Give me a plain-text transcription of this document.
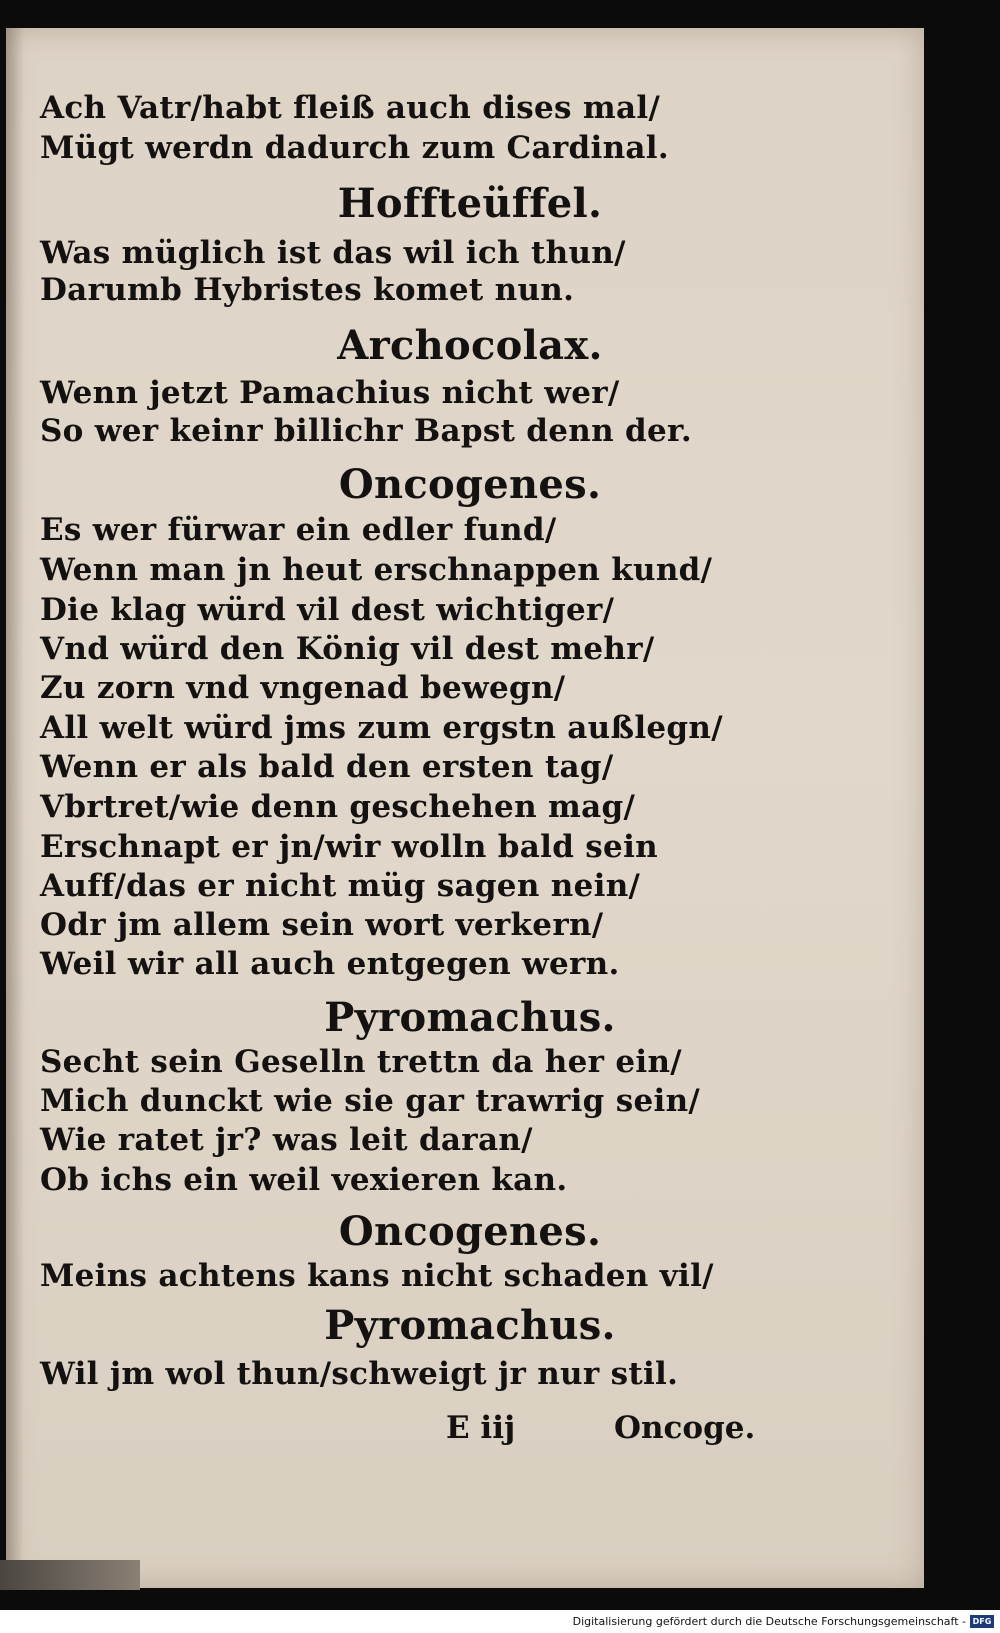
E iij	Oncoge.
Ach Vatr/habt fleiß auch dises mal/
Mügt werdn dadurch zum Cardinal.
Hoffteüffel.
Was müglich ist das wil ich thun/
Darumb Hybristes komet nun.
Archocolax.
Wenn jetzt Pamachius nicht wer/
So wer keinr billichr Bapst denn der.
Oncogenes.
Es wer fürwar ein edler fund/
Wenn man jn heut erschnappen kund/
Die klag würd vil dest wichtiger/
Vnd würd den König vil dest mehr/
Zu zorn vnd vngenad bewegn/
All welt würd jms zum ergstn außlegn/
Wenn er als bald den ersten tag/
Vbrtret/wie denn geschehen mag/
Erschnapt er jn/wir wolln bald sein
Auff/das er nicht müg sagen nein/
Odr jm allem sein wort verkern/
Weil wir all auch entgegen wern.
Pyromachus.
Secht sein Geselln trettn da her ein/
Mich dunckt wie sie gar trawrig sein/
Wie ratet jr? was leit daran/
Ob ichs ein weil vexieren kan.
Oncogenes.
Meins achtens kans nicht schaden vil/
Pyromachus.
Wil jm wol thun/schweigt jr nur stil.
Digitalisierung gefördert durch die Deutsche Forschungsgemeinschaft - DFG
